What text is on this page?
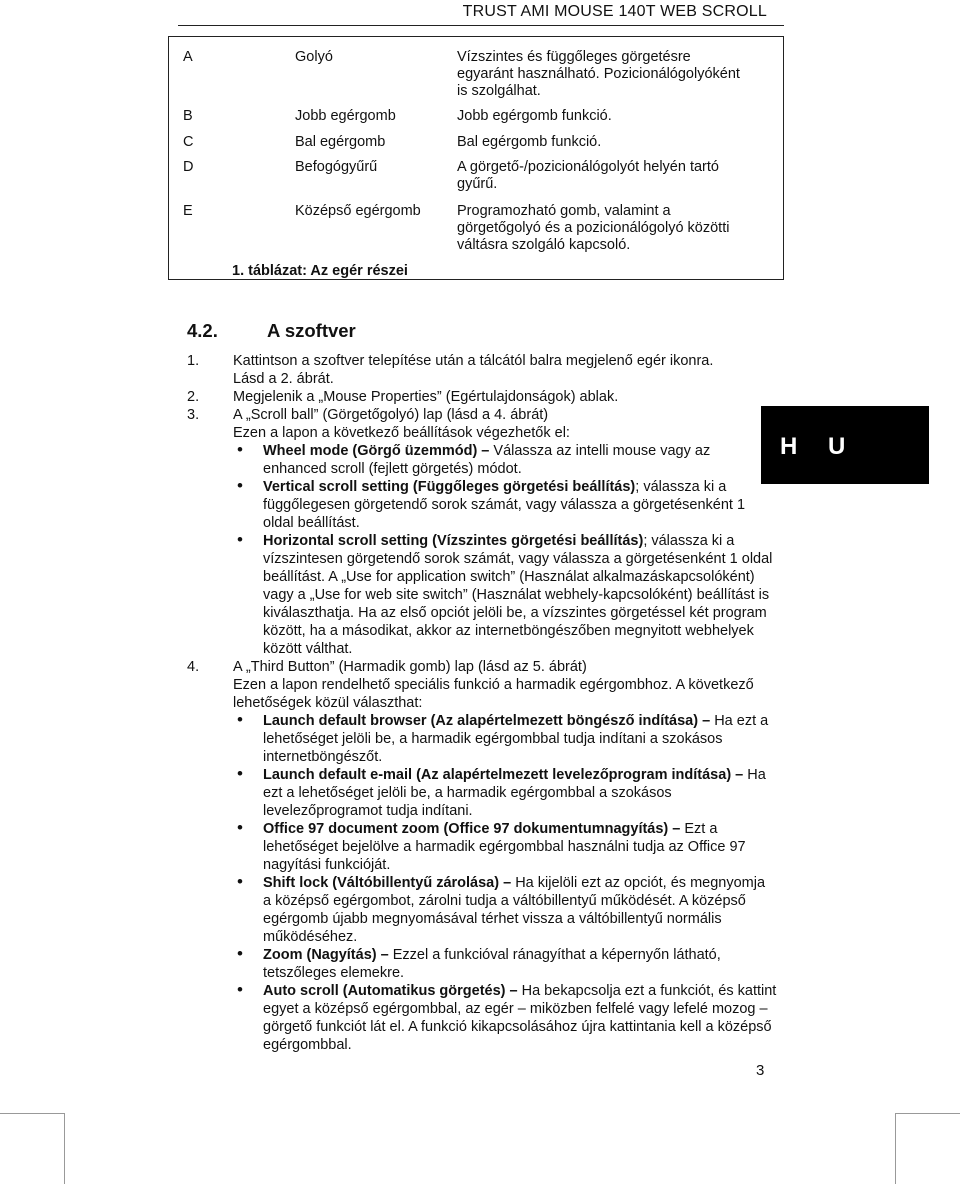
TRUST AMI MOUSE 140T WEB SCROLL
A	Golyó	Vízszintes és függőleges görgetésre
egyaránt használható. Pozicionálógolyóként
is szolgálhat.
B	Jobb egérgomb	Jobb egérgomb funkció.
C	Bal egérgomb	Bal egérgomb funkció.
D	Befogógyűrű	A görgető-/pozicionálógolyót helyén tartó
gyűrű.
E	Középső egérgomb	Programozható gomb, valamint a
görgetőgolyó és a pozicionálógolyó közötti
váltásra szolgáló kapcsoló.
1. táblázat: Az egér részei
4.2.	A szoftver
1. Kattintson a szoftver telepítése után a tálcától balra megjelenő egér ikonra.
Lásd a 2. ábrát.
2. Megjelenik a „Mouse Properties” (Egértulajdonságok) ablak.
3. A „Scroll ball” (Görgetőgolyó) lap (lásd a 4. ábrát)
Ezen a lapon a következő beállítások végezhetők el:
• Wheel mode (Görgő üzemmód) – Válassza az intelli mouse vagy az enhanced scroll (fejlett görgetés) módot.
• Vertical scroll setting (Függőleges görgetési beállítás); válassza ki a függőlegesen görgetendő sorok számát, vagy válassza a görgetésenként 1 oldal beállítást.
• Horizontal scroll setting (Vízszintes görgetési beállítás); válassza ki a vízszintesen görgetendő sorok számát, vagy válassza a görgetésenként 1 oldal beállítást. A „Use for application switch” (Használat alkalmazáskapcsolóként) vagy a „Use for web site switch” (Használat webhely-kapcsolóként) beállítást is kiválaszthatja. Ha az első opciót jelöli be, a vízszintes görgetéssel két program között, ha a másodikat, akkor az internetböngészőben megnyitott webhelyek között válthat.
4. A „Third Button” (Harmadik gomb) lap (lásd az 5. ábrát)
Ezen a lapon rendelhető speciális funkció a harmadik egérgombhoz. A következő lehetőségek közül választhat:
• Launch default browser (Az alapértelmezett böngésző indítása) – Ha ezt a lehetőséget jelöli be, a harmadik egérgombbal tudja indítani a szokásos internetböngészőt.
• Launch default e-mail (Az alapértelmezett levelezőprogram indítása) – Ha ezt a lehetőséget jelöli be, a harmadik egérgombbal a szokásos levelezőprogramot tudja indítani.
• Office 97 document zoom (Office 97 dokumentumnagyítás) – Ezt a lehetőséget bejelölve a harmadik egérgombbal használni tudja az Office 97 nagyítási funkcióját.
• Shift lock (Váltóbillentyű zárolása) – Ha kijelöli ezt az opciót, és megnyomja a középső egérgombot, zárolni tudja a váltóbillentyű működését. A középső egérgomb újabb megnyomásával térhet vissza a váltóbillentyű normális működéséhez.
• Zoom (Nagyítás) – Ezzel a funkcióval ránagyíthat a képernyőn látható, tetszőleges elemekre.
• Auto scroll (Automatikus görgetés) – Ha bekapcsolja ezt a funkciót, és kattint egyet a középső egérgombbal, az egér – miközben felfelé vagy lefelé mozog – görgető funkciót lát el. A funkció kikapcsolásához újra kattintania kell a középső egérgombbal.
H U
3
